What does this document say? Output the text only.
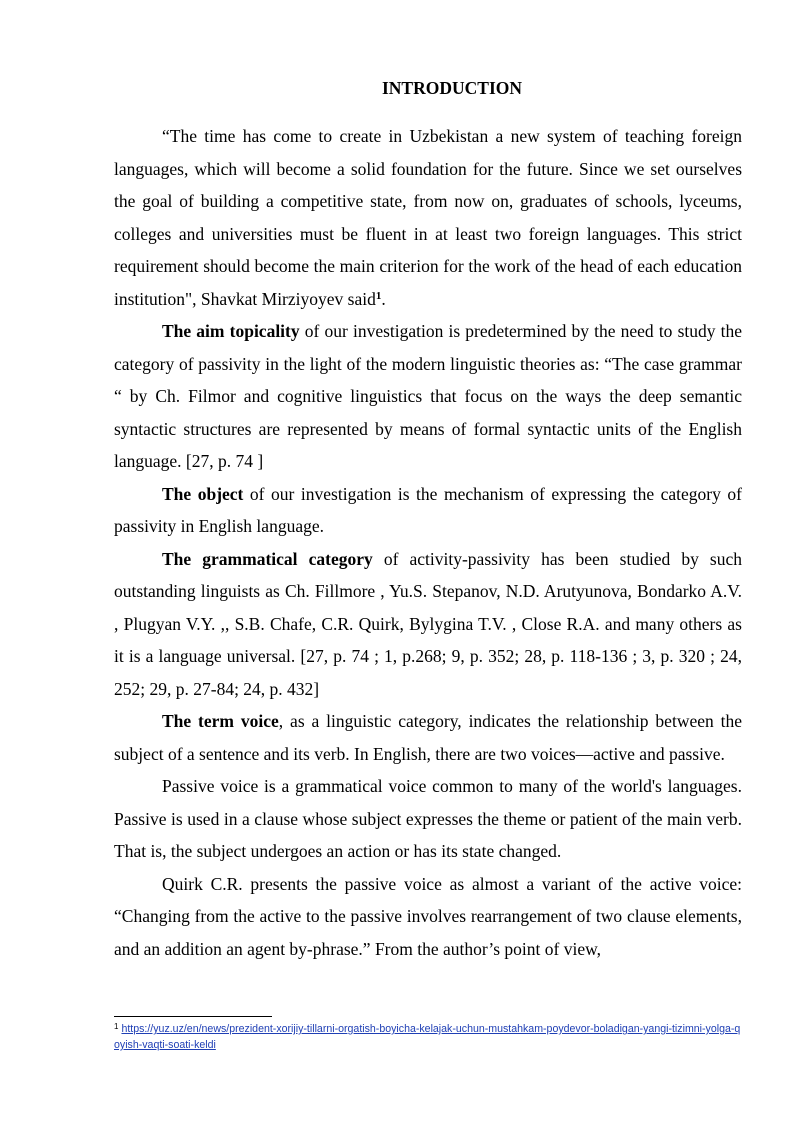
INTRODUCTION

“The time has come to create in Uzbekistan a new system of teaching foreign languages, which will become a solid foundation for the future. Since we set ourselves the goal of building a competitive state, from now on, graduates of schools, lyceums, colleges and universities must be fluent in at least two foreign languages. This strict requirement should become the main criterion for the work of the head of each education institution", Shavkat Mirziyoyev said$^1$.

The aim topicality of our investigation is predetermined by the need to study the category of passivity in the light of the modern linguistic theories as: “The case grammar “ by Ch. Filmor and cognitive linguistics that focus on the ways the deep semantic syntactic structures are represented by means of formal syntactic units of the English language. [27, p. 74 ]

The object of our investigation is the mechanism of expressing the category of passivity in English language.

The grammatical category of activity-passivity has been studied by such outstanding linguists as Ch. Fillmore , Yu.S. Stepanov, N.D. Arutyunova, Bondarko A.V. , Plugyan V.Y. ,, S.B. Chafe, C.R. Quirk, Bylygina T.V. , Close R.A. and many others as it is a language universal. [27, p. 74 ; 1, p.268; 9, p. 352; 28, p. 118-136 ; 3, p. 320 ; 24, 252; 29, p. 27-84; 24, p. 432]

The term voice, as a linguistic category, indicates the relationship between the subject of a sentence and its verb. In English, there are two voices—active and passive.

Passive voice is a grammatical voice common to many of the world's languages. Passive is used in a clause whose subject expresses the theme or patient of the main verb. That is, the subject undergoes an action or has its state changed.

Quirk C.R. presents the passive voice as almost a variant of the active voice: “Changing from the active to the passive involves rearrangement of two clause elements, and an addition an agent by-phrase.” From the author’s point of view,

$^1$ https://yuz.uz/en/news/prezident-xorijiy-tillarni-orgatish-boyicha-kelajak-uchun-mustahkam-poydevor-boladigan-yangi-tizimni-yolga-qoyish-vaqti-soati-keldi
